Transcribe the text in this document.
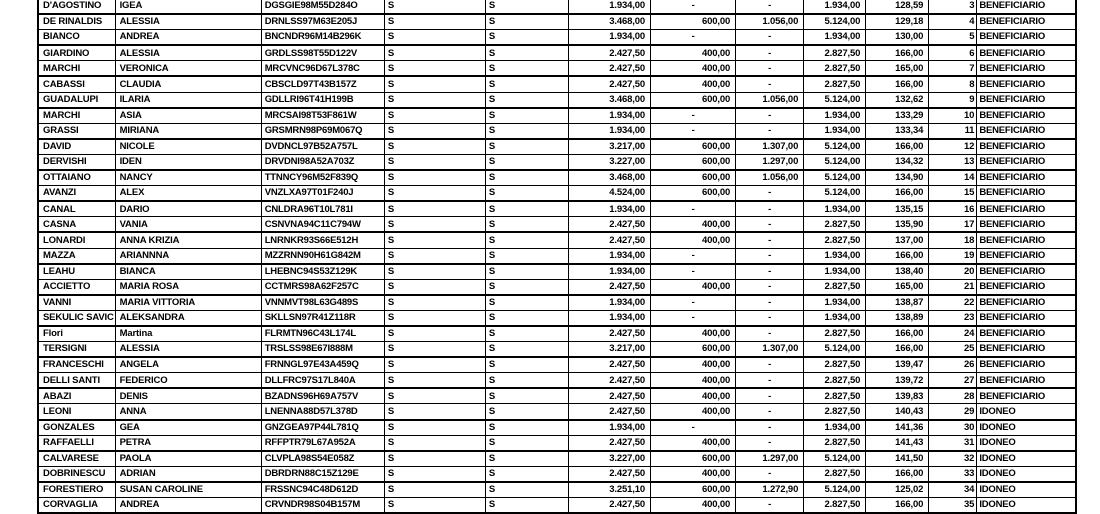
D'AGOSTINO	IGEA	DGSGIE98M55D284O	S	S	1.934,00	-	-	1.934,00	128,59	3	BENEFICIARIO
DE RINALDIS	ALESSIA	DRNLSS97M63E205J	S	S	3.468,00	600,00	1.056,00	5.124,00	129,18	4	BENEFICIARIO
BIANCO	ANDREA	BNCNDR96M14B296K	S	S	1.934,00	-	-	1.934,00	130,00	5	BENEFICIARIO
GIARDINO	ALESSIA	GRDLSS98T55D122V	S	S	2.427,50	400,00	-	2.827,50	166,00	6	BENEFICIARIO
MARCHI	VERONICA	MRCVNC96D67L378C	S	S	2.427,50	400,00	-	2.827,50	165,00	7	BENEFICIARIO
CABASSI	CLAUDIA	CBSCLD97T43B157Z	S	S	2.427,50	400,00	-	2.827,50	166,00	8	BENEFICIARIO
GUADALUPI	ILARIA	GDLLRI96T41H199B	S	S	3.468,00	600,00	1.056,00	5.124,00	132,62	9	BENEFICIARIO
MARCHI	ASIA	MRCSAI98T53F861W	S	S	1.934,00	-	-	1.934,00	133,29	10	BENEFICIARIO
GRASSI	MIRIANA	GRSMRN98P69M067Q	S	S	1.934,00	-	-	1.934,00	133,34	11	BENEFICIARIO
DAVID	NICOLE	DVDNCL97B52A757L	S	S	3.217,00	600,00	1.307,00	5.124,00	166,00	12	BENEFICIARIO
DERVISHI	IDEN	DRVDNI98A52A703Z	S	S	3.227,00	600,00	1.297,00	5.124,00	134,32	13	BENEFICIARIO
OTTAIANO	NANCY	TTNNCY96M52F839Q	S	S	3.468,00	600,00	1.056,00	5.124,00	134,90	14	BENEFICIARIO
AVANZI	ALEX	VNZLXA97T01F240J	S	S	4.524,00	600,00	-	5.124,00	166,00	15	BENEFICIARIO
CANAL	DARIO	CNLDRA96T10L781I	S	S	1.934,00	-	-	1.934,00	135,15	16	BENEFICIARIO
CASNA	VANIA	CSNVNA94C11C794W	S	S	2.427,50	400,00	-	2.827,50	135,90	17	BENEFICIARIO
LONARDI	ANNA KRIZIA	LNRNKR93S66E512H	S	S	2.427,50	400,00	-	2.827,50	137,00	18	BENEFICIARIO
MAZZA	ARIANNNA	MZZRNN90H61G842M	S	S	1.934,00	-	-	1.934,00	166,00	19	BENEFICIARIO
LEAHU	BIANCA	LHEBNC94S53Z129K	S	S	1.934,00	-	-	1.934,00	138,40	20	BENEFICIARIO
ACCIETTO	MARIA ROSA	CCTMRS98A62F257C	S	S	2.427,50	400,00	-	2.827,50	165,00	21	BENEFICIARIO
VANNI	MARIA VITTORIA	VNNMVT98L63G489S	S	S	1.934,00	-	-	1.934,00	138,87	22	BENEFICIARIO
SEKULIC SAVIC	ALEKSANDRA	SKLLSN97R41Z118R	S	S	1.934,00	-	-	1.934,00	138,89	23	BENEFICIARIO
Flori	Martina	FLRMTN96C43L174L	S	S	2.427,50	400,00	-	2.827,50	166,00	24	BENEFICIARIO
TERSIGNI	ALESSIA	TRSLSS98E67I888M	S	S	3.217,00	600,00	1.307,00	5.124,00	166,00	25	BENEFICIARIO
FRANCESCHI	ANGELA	FRNNGL97E43A459Q	S	S	2.427,50	400,00	-	2.827,50	139,47	26	BENEFICIARIO
DELLI SANTI	FEDERICO	DLLFRC97S17L840A	S	S	2.427,50	400,00	-	2.827,50	139,72	27	BENEFICIARIO
ABAZI	DENIS	BZADNS96H69A757V	S	S	2.427,50	400,00	-	2.827,50	139,83	28	BENEFICIARIO
LEONI	ANNA	LNENNA88D57L378D	S	S	2.427,50	400,00	-	2.827,50	140,43	29	IDONEO
GONZALES	GEA	GNZGEA97P44L781Q	S	S	1.934,00	-	-	1.934,00	141,36	30	IDONEO
RAFFAELLI	PETRA	RFFPTR79L67A952A	S	S	2.427,50	400,00	-	2.827,50	141,43	31	IDONEO
CALVARESE	PAOLA	CLVPLA98S54E058Z	S	S	3.227,00	600,00	1.297,00	5.124,00	141,50	32	IDONEO
DOBRINESCU	ADRIAN	DBRDRN88C15Z129E	S	S	2.427,50	400,00	-	2.827,50	166,00	33	IDONEO
FORESTIERO	SUSAN CAROLINE	FRSSNC94C48D612D	S	S	3.251,10	600,00	1.272,90	5.124,00	125,02	34	IDONEO
CORVAGLIA	ANDREA	CRVNDR98S04B157M	S	S	2.427,50	400,00	-	2.827,50	166,00	35	IDONEO
